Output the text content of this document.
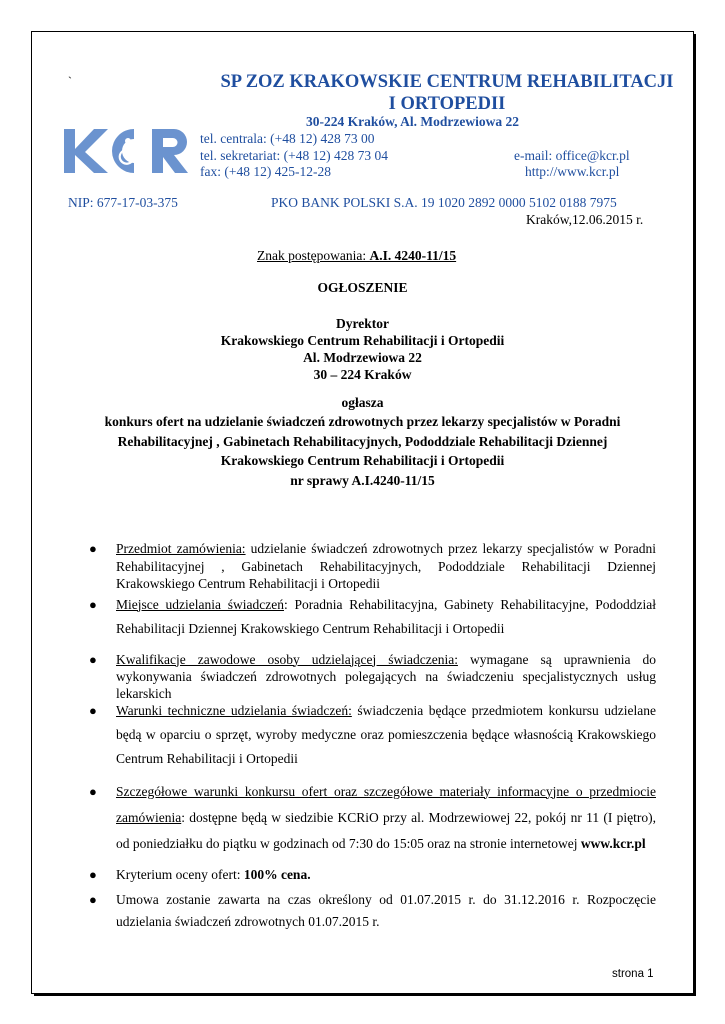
`	SP ZOZ KRAKOWSKIE CENTRUM REHABILITACJI
I ORTOPEDII
30-224 Kraków, Al. Modrzewiowa 22
tel. centrala: (+48 12) 428 73 00
tel. sekretariat: (+48 12) 428 73 04
fax: (+48 12) 425-12-28
e-mail: office@kcr.pl
http://www.kcr.pl
NIP: 677-17-03-375	PKO BANK POLSKI S.A. 19 1020 2892 0000 5102 0188 7975
Kraków,12.06.2015 r.
Znak postępowania: A.I. 4240-11/15
OGŁOSZENIE
Dyrektor
Krakowskiego Centrum Rehabilitacji i Ortopedii
Al. Modrzewiowa 22
30 – 224 Kraków
ogłasza
konkurs ofert na udzielanie świadczeń zdrowotnych przez lekarzy specjalistów w Poradni
Rehabilitacyjnej , Gabinetach Rehabilitacyjnych, Pododdziale Rehabilitacji Dziennej
Krakowskiego Centrum Rehabilitacji i Ortopedii
nr sprawy A.I.4240-11/15
● Przedmiot zamówienia: udzielanie świadczeń zdrowotnych przez lekarzy specjalistów w Poradni Rehabilitacyjnej , Gabinetach Rehabilitacyjnych, Pododdziale Rehabilitacji Dziennej Krakowskiego Centrum Rehabilitacji i Ortopedii
● Miejsce udzielania świadczeń: Poradnia Rehabilitacyjna, Gabinety Rehabilitacyjne, Pododdział Rehabilitacji Dziennej Krakowskiego Centrum Rehabilitacji i Ortopedii
● Kwalifikacje zawodowe osoby udzielającej świadczenia: wymagane są uprawnienia do wykonywania świadczeń zdrowotnych polegających na świadczeniu specjalistycznych usług lekarskich
● Warunki techniczne udzielania świadczeń: świadczenia będące przedmiotem konkursu udzielane będą w oparciu o sprzęt, wyroby medyczne oraz pomieszczenia będące własnością Krakowskiego Centrum Rehabilitacji i Ortopedii
● Szczegółowe warunki konkursu ofert oraz szczegółowe materiały informacyjne o przedmiocie zamówienia: dostępne będą w siedzibie KCRiO przy al. Modrzewiowej 22, pokój nr 11 (I piętro), od poniedziałku do piątku w godzinach od 7:30 do 15:05 oraz na stronie internetowej www.kcr.pl
● Kryterium oceny ofert: 100% cena.
● Umowa zostanie zawarta na czas określony od 01.07.2015 r. do 31.12.2016 r. Rozpoczęcie udzielania świadczeń zdrowotnych 01.07.2015 r.
strona 1
